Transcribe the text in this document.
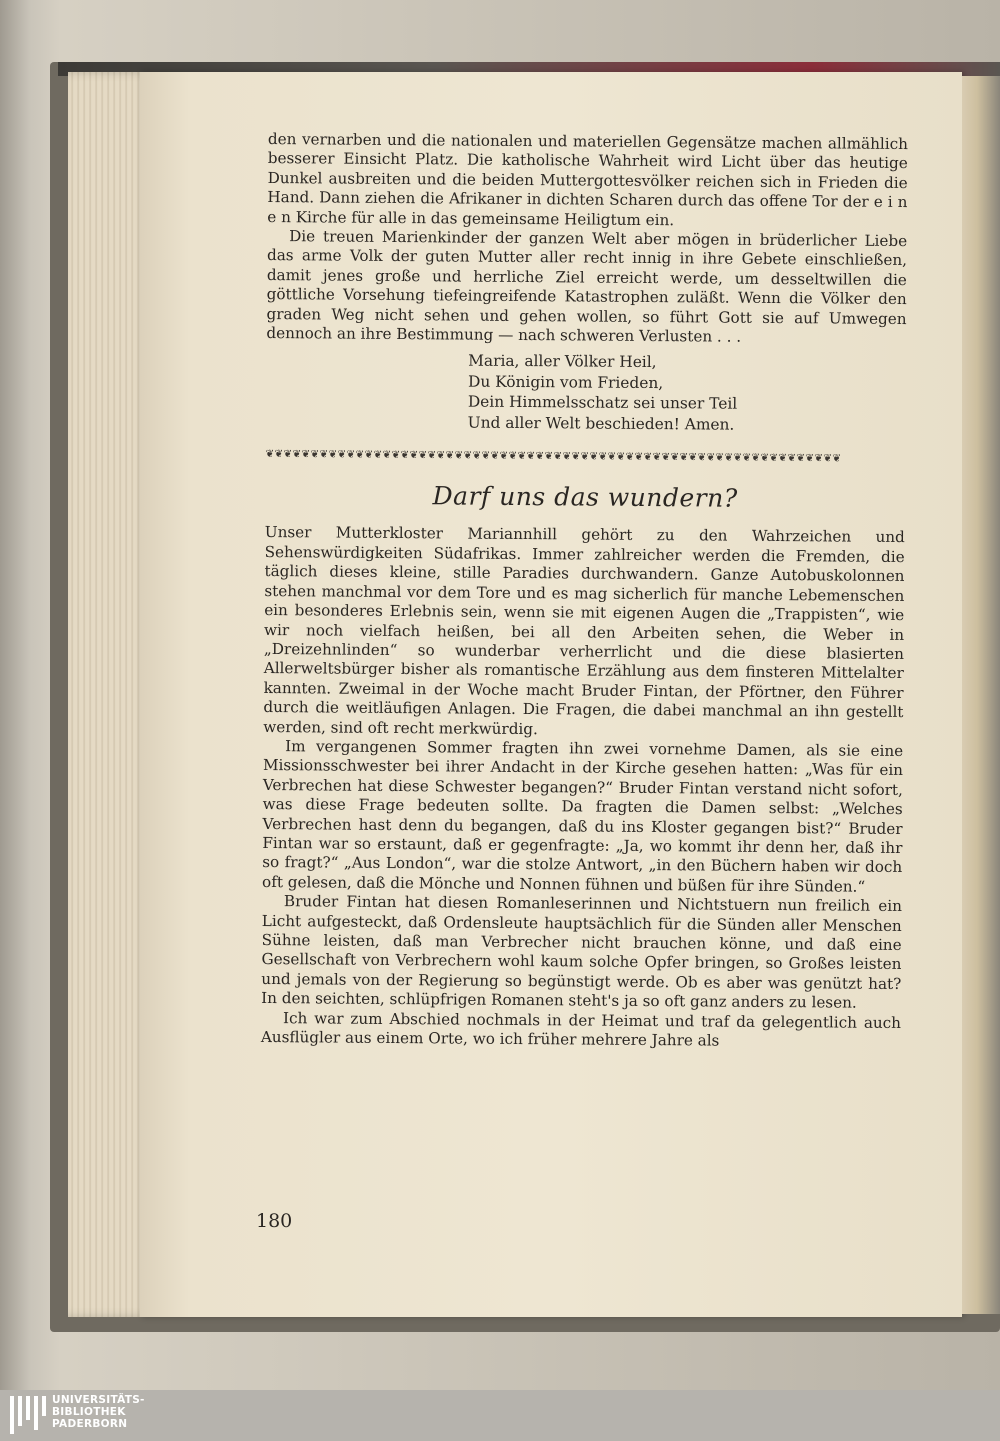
den vernarben und die nationalen und materiellen Gegensätze machen allmählich besserer Einsicht Platz. Die katholische Wahrheit wird Licht über das heutige Dunkel ausbreiten und die beiden Muttergottesvölker reichen sich in Frieden die Hand. Dann ziehen die Afrikaner in dichten Scharen durch das offene Tor der e i n e n Kirche für alle in das gemeinsame Heiligtum ein.

Die treuen Marienkinder der ganzen Welt aber mögen in brüderlicher Liebe das arme Volk der guten Mutter aller recht innig in ihre Gebete einschließen, damit jenes große und herrliche Ziel erreicht werde, um desseltwillen die göttliche Vorsehung tiefeingreifende Katastrophen zuläßt. Wenn die Völker den graden Weg nicht sehen und gehen wollen, so führt Gott sie auf Umwegen dennoch an ihre Bestimmung — nach schweren Verlusten . . .

Maria, aller Völker Heil,
Du Königin vom Frieden,
Dein Himmelsschatz sei unser Teil
Und aller Welt beschieden! Amen.
❦❦❦❦❦❦❦❦❦❦❦❦❦❦❦❦❦❦❦❦❦❦❦❦❦❦❦❦❦❦❦❦❦❦❦❦❦❦❦❦❦❦❦❦❦❦❦❦❦❦❦❦❦❦❦❦❦❦❦❦❦❦❦❦
Darf uns das wundern?

Unser Mutterkloster Mariannhill gehört zu den Wahrzeichen und Sehenswürdigkeiten Südafrikas. Immer zahlreicher werden die Fremden, die täglich dieses kleine, stille Paradies durchwandern. Ganze Autobuskolonnen stehen manchmal vor dem Tore und es mag sicherlich für manche Lebemenschen ein besonderes Erlebnis sein, wenn sie mit eigenen Augen die „Trappisten“, wie wir noch vielfach heißen, bei all den Arbeiten sehen, die Weber in „Dreizehnlinden“ so wunderbar verherrlicht und die diese blasierten Allerweltsbürger bisher als romantische Erzählung aus dem finsteren Mittelalter kannten. Zweimal in der Woche macht Bruder Fintan, der Pförtner, den Führer durch die weitläufigen Anlagen. Die Fragen, die dabei manchmal an ihn gestellt werden, sind oft recht merkwürdig.

Im vergangenen Sommer fragten ihn zwei vornehme Damen, als sie eine Missionsschwester bei ihrer Andacht in der Kirche gesehen hatten: „Was für ein Verbrechen hat diese Schwester begangen?“ Bruder Fintan verstand nicht sofort, was diese Frage bedeuten sollte. Da fragten die Damen selbst: „Welches Verbrechen hast denn du begangen, daß du ins Kloster gegangen bist?“ Bruder Fintan war so erstaunt, daß er gegenfragte: „Ja, wo kommt ihr denn her, daß ihr so fragt?“ „Aus London“, war die stolze Antwort, „in den Büchern haben wir doch oft gelesen, daß die Mönche und Nonnen fühnen und büßen für ihre Sünden.“

Bruder Fintan hat diesen Romanleserinnen und Nichtstuern nun freilich ein Licht aufgesteckt, daß Ordensleute hauptsächlich für die Sünden aller Menschen Sühne leisten, daß man Verbrecher nicht brauchen könne, und daß eine Gesellschaft von Verbrechern wohl kaum solche Opfer bringen, so Großes leisten und jemals von der Regierung so begünstigt werde. Ob es aber was genützt hat? In den seichten, schlüpfrigen Romanen steht's ja so oft ganz anders zu lesen.

Ich war zum Abschied nochmals in der Heimat und traf da gelegentlich auch Ausflügler aus einem Orte, wo ich früher mehrere Jahre als

180
UNIVERSITÄTS-
BIBLIOTHEK
PADERBORN
